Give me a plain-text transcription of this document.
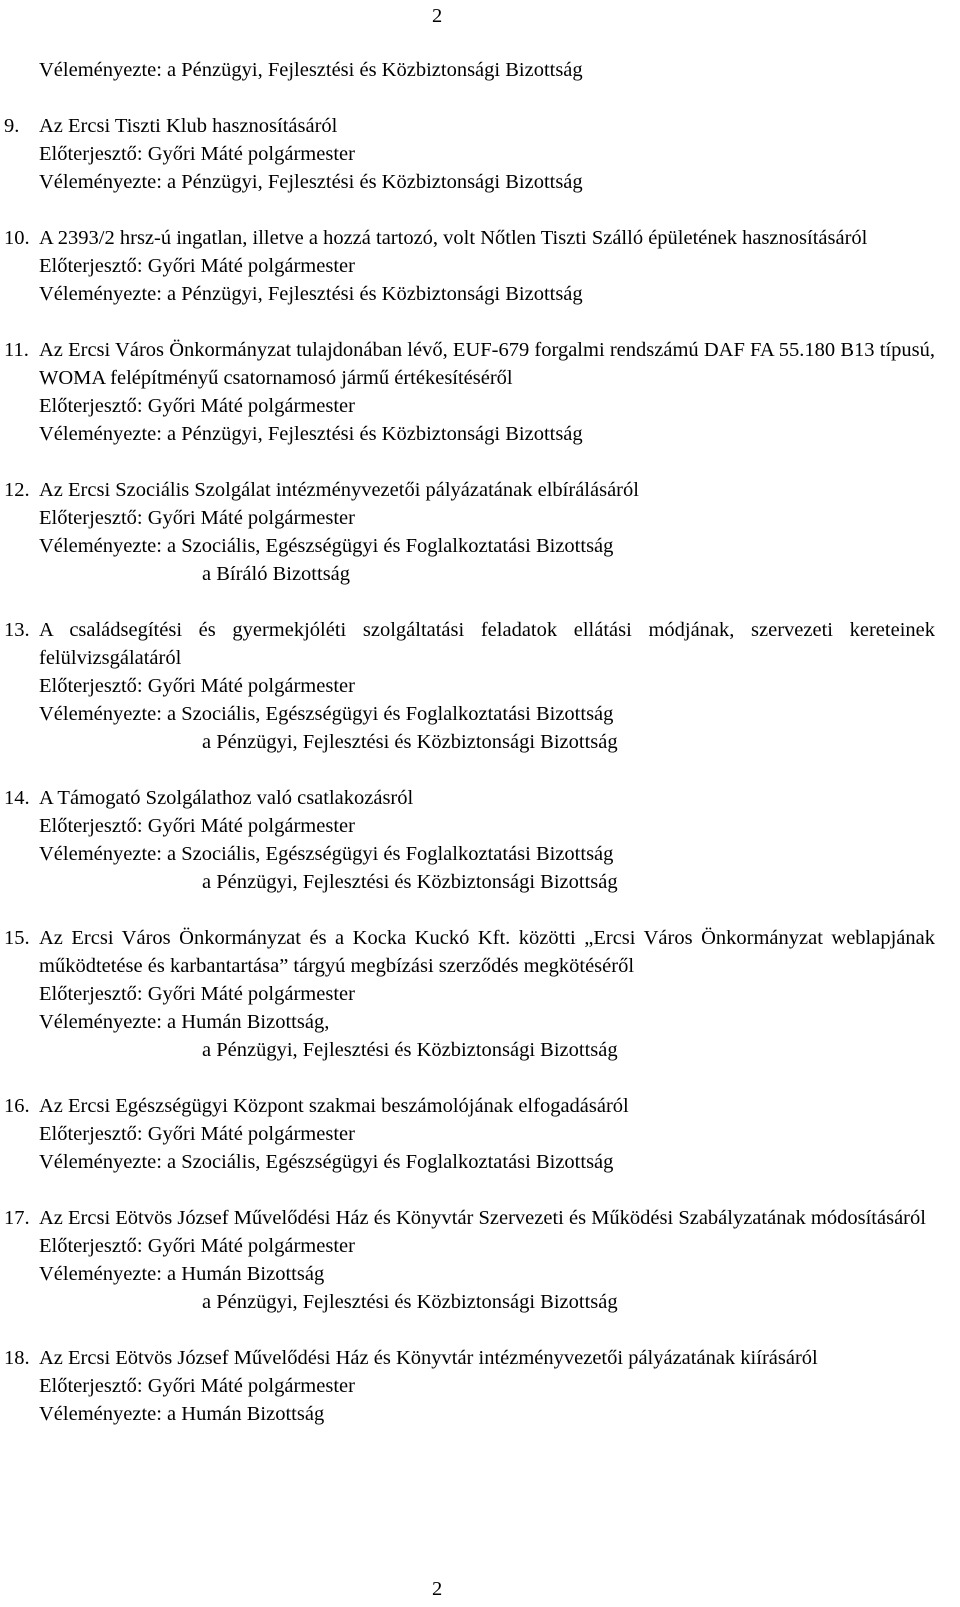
2
Véleményezte: a Pénzügyi, Fejlesztési és Közbiztonsági Bizottság
9. Az Ercsi Tiszti Klub hasznosításáról
Előterjesztő: Győri Máté polgármester
Véleményezte: a Pénzügyi, Fejlesztési és Közbiztonsági Bizottság
10. A 2393/2 hrsz-ú ingatlan, illetve a hozzá tartozó, volt Nőtlen Tiszti Szálló épületének hasznosításáról
Előterjesztő: Győri Máté polgármester
Véleményezte: a Pénzügyi, Fejlesztési és Közbiztonsági Bizottság
11. Az Ercsi Város Önkormányzat tulajdonában lévő, EUF-679 forgalmi rendszámú DAF FA 55.180 B13 típusú, WOMA felépítményű csatornamosó jármű értékesítéséről
Előterjesztő: Győri Máté polgármester
Véleményezte: a Pénzügyi, Fejlesztési és Közbiztonsági Bizottság
12. Az Ercsi Szociális Szolgálat intézményvezetői pályázatának elbírálásáról
Előterjesztő: Győri Máté polgármester
Véleményezte: a Szociális, Egészségügyi és Foglalkoztatási Bizottság
a Bíráló Bizottság
13. A családsegítési és gyermekjóléti szolgáltatási feladatok ellátási módjának, szervezeti kereteinek felülvizsgálatáról
Előterjesztő: Győri Máté polgármester
Véleményezte: a Szociális, Egészségügyi és Foglalkoztatási Bizottság
a Pénzügyi, Fejlesztési és Közbiztonsági Bizottság
14. A Támogató Szolgálathoz való csatlakozásról
Előterjesztő: Győri Máté polgármester
Véleményezte: a Szociális, Egészségügyi és Foglalkoztatási Bizottság
a Pénzügyi, Fejlesztési és Közbiztonsági Bizottság
15. Az Ercsi Város Önkormányzat és a Kocka Kuckó Kft. közötti „Ercsi Város Önkormányzat weblapjának működtetése és karbantartása” tárgyú megbízási szerződés megkötéséről
Előterjesztő: Győri Máté polgármester
Véleményezte: a Humán Bizottság,
a Pénzügyi, Fejlesztési és Közbiztonsági Bizottság
16. Az Ercsi Egészségügyi Központ szakmai beszámolójának elfogadásáról
Előterjesztő: Győri Máté polgármester
Véleményezte: a Szociális, Egészségügyi és Foglalkoztatási Bizottság
17. Az Ercsi Eötvös József Művelődési Ház és Könyvtár Szervezeti és Működési Szabályzatának módosításáról
Előterjesztő: Győri Máté polgármester
Véleményezte: a Humán Bizottság
a Pénzügyi, Fejlesztési és Közbiztonsági Bizottság
18. Az Ercsi Eötvös József Művelődési Ház és Könyvtár intézményvezetői pályázatának kiírásáról
Előterjesztő: Győri Máté polgármester
Véleményezte: a Humán Bizottság
2
